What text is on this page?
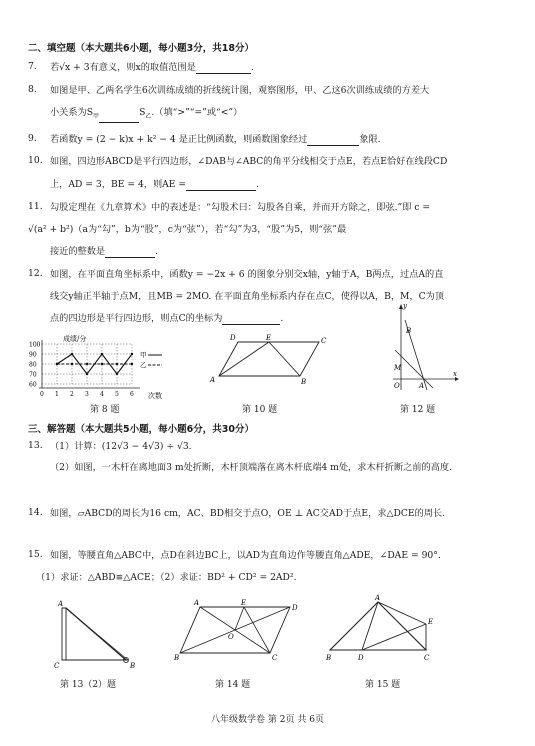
二、填空题（本大题共6小题，每小题3分，共18分）
7. 若√x + 3有意义，则x的取值范围是	.
8. 如图是甲、乙两名学生6次训练成绩的折线统计图，观察图形，甲、乙这6次训练成绩的方差大
小关系为$S_甲$	$S_乙$.（填“>”“=”或“<”）
9. 若函数y = (2 − k)x + k² − 4 是正比例函数，则函数图象经过	象限.
10. 如图，四边形ABCD是平行四边形，∠DAB与∠ABC的角平分线相交于点E，若点E恰好在线段CD
上，AD = 3，BE = 4，则AE =	.
11. 勾股定理在《九章算术》中的表述是：“勾股术曰：勾股各自乘，并而开方除之，即弦.”即 c =
√(a² + b²)（a为“勾”，b为“股”，c为“弦”），若“勾”为3，“股”为5，则“弦”最
接近的整数是	.
12. 如图，在平面直角坐标系中，函数y = −2x + 6 的图象分别交x轴，y轴于A，B两点，过点A的直
线交y轴正半轴于点M，且MB = 2MO. 在平面直角坐标系内存在点C，使得以A，B，M，C为顶
点的四边形是平行四边形，则点C的坐标为	.
成绩/分
100
90
80
70
60
0 1 2 3 4 5 6
甲
乙
次数
A	B
C
D	E
y
x
B
M
O	A
第 8 题	第 10 题	第 12 题
三、解答题（本大题共5小题，每小题6分，共30分）
13. （1）计算：(12√3 − 4√3) ÷ √3.
（2）如图，一木杆在离地面3 m处折断，木杆顶端落在离木杆底端4 m处，求木杆折断之前的高度.
14. 如图，▱ABCD的周长为16 cm，AC、BD相交于点O，OE ⊥ AC交AD于点E，求△DCE的周长.
15. 如图，等腰直角△ABC中，点D在斜边BC上，以AD为直角边作等腰直角△ADE，∠DAE = 90°.
（1）求证：△ABD≌△ACE；（2）求证：BD² + CD² = 2AD².
A
C	B
A
B	C
D
E
O
A
B	D	C
E
第 13（2）题	第 14 题	第 15 题
八年级数学卷 第 2页 共 6页
